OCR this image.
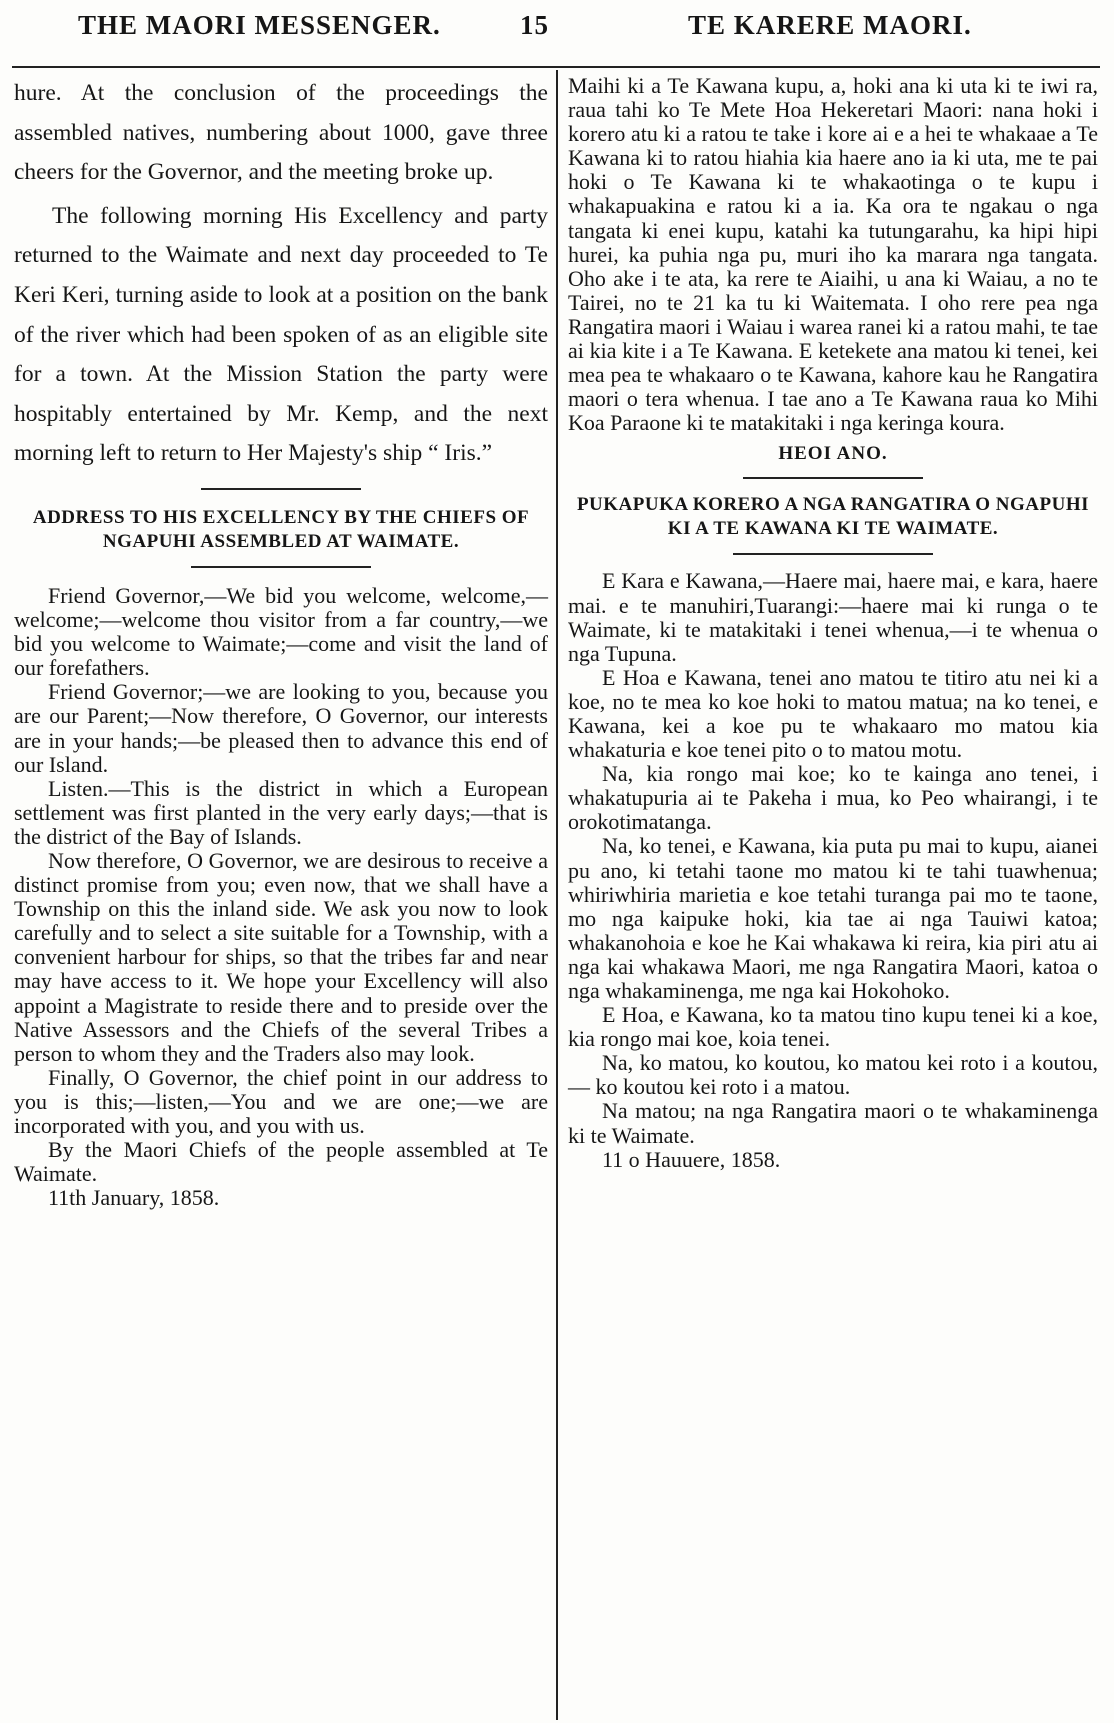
THE MAORI MESSENGER.	15	TE KARERE MAORI.

hure. At the conclusion of the proceedings the assembled natives, numbering about 1000, gave three cheers for the Governor, and the meeting broke up.

The following morning His Excellency and party returned to the Waimate and next day proceeded to Te Keri Keri, turning aside to look at a position on the bank of the river which had been spoken of as an eligible site for a town. At the Mission Station the party were hospitably entertained by Mr. Kemp, and the next morning left to return to Her Majesty's ship “ Iris.”

ADDRESS TO HIS EXCELLENCY BY THE CHIEFS OF NGAPUHI ASSEMBLED AT WAIMATE.

Friend Governor,—We bid you welcome, welcome,—welcome;—welcome thou visitor from a far country,—we bid you welcome to Waimate;—come and visit the land of our forefathers.

Friend Governor;—we are looking to you, because you are our Parent;—Now therefore, O Governor, our interests are in your hands;—be pleased then to advance this end of our Island.

Listen.—This is the district in which a European settlement was first planted in the very early days;—that is the district of the Bay of Islands.

Now therefore, O Governor, we are desirous to receive a distinct promise from you; even now, that we shall have a Township on this the inland side. We ask you now to look carefully and to select a site suitable for a Township, with a convenient harbour for ships, so that the tribes far and near may have access to it. We hope your Excellency will also appoint a Magistrate to reside there and to preside over the Native Assessors and the Chiefs of the several Tribes a person to whom they and the Traders also may look.

Finally, O Governor, the chief point in our address to you is this;—listen,—You and we are one;—we are incorporated with you, and you with us.

By the Maori Chiefs of the people assembled at Te Waimate.

11th January, 1858.

Maihi ki a Te Kawana kupu, a, hoki ana ki uta ki te iwi ra, raua tahi ko Te Mete Hoa Hekeretari Maori: nana hoki i korero atu ki a ratou te take i kore ai e a hei te whakaae a Te Kawana ki to ratou hiahia kia haere ano ia ki uta, me te pai hoki o Te Kawana ki te whakaotinga o te kupu i whakapuakina e ratou ki a ia. Ka ora te ngakau o nga tangata ki enei kupu, katahi ka tutungarahu, ka hipi hipi hurei, ka puhia nga pu, muri iho ka marara nga tangata. Oho ake i te ata, ka rere te Aiaihi, u ana ki Waiau, a no te Tairei, no te 21 ka tu ki Waitemata. I oho rere pea nga Rangatira maori i Waiau i warea ranei ki a ratou mahi, te tae ai kia kite i a Te Kawana. E ketekete ana matou ki tenei, kei mea pea te whakaaro o te Kawana, kahore kau he Rangatira maori o tera whenua. I tae ano a Te Kawana raua ko Mihi Koa Paraone ki te matakitaki i nga keringa koura.

HEOI ANO.
PUKAPUKA KORERO A NGA RANGATIRA O NGAPUHI KI A TE KAWANA KI TE WAIMATE.

E Kara e Kawana,—Haere mai, haere mai, e kara, haere mai. e te manuhiri,Tuarangi:—haere mai ki runga o te Waimate, ki te matakitaki i tenei whenua,—i te whenua o nga Tupuna.

E Hoa e Kawana, tenei ano matou te titiro atu nei ki a koe, no te mea ko koe hoki to matou matua; na ko tenei, e Kawana, kei a koe pu te whakaaro mo matou kia whakaturia e koe tenei pito o to matou motu.

Na, kia rongo mai koe; ko te kainga ano tenei, i whakatupuria ai te Pakeha i mua, ko Peo whairangi, i te orokotimatanga.

Na, ko tenei, e Kawana, kia puta pu mai to kupu, aianei pu ano, ki tetahi taone mo matou ki te tahi tuawhenua; whiriwhiria marietia e koe tetahi turanga pai mo te taone, mo nga kaipuke hoki, kia tae ai nga Tauiwi katoa; whakanohoia e koe he Kai whakawa ki reira, kia piri atu ai nga kai whakawa Maori, me nga Rangatira Maori, katoa o nga whakaminenga, me nga kai Hokohoko.

E Hoa, e Kawana, ko ta matou tino kupu tenei ki a koe, kia rongo mai koe, koia tenei.

Na, ko matou, ko koutou, ko matou kei roto i a koutou,— ko koutou kei roto i a matou.

Na matou; na nga Rangatira maori o te whakaminenga ki te Waimate.

11 o Hauuere, 1858.
